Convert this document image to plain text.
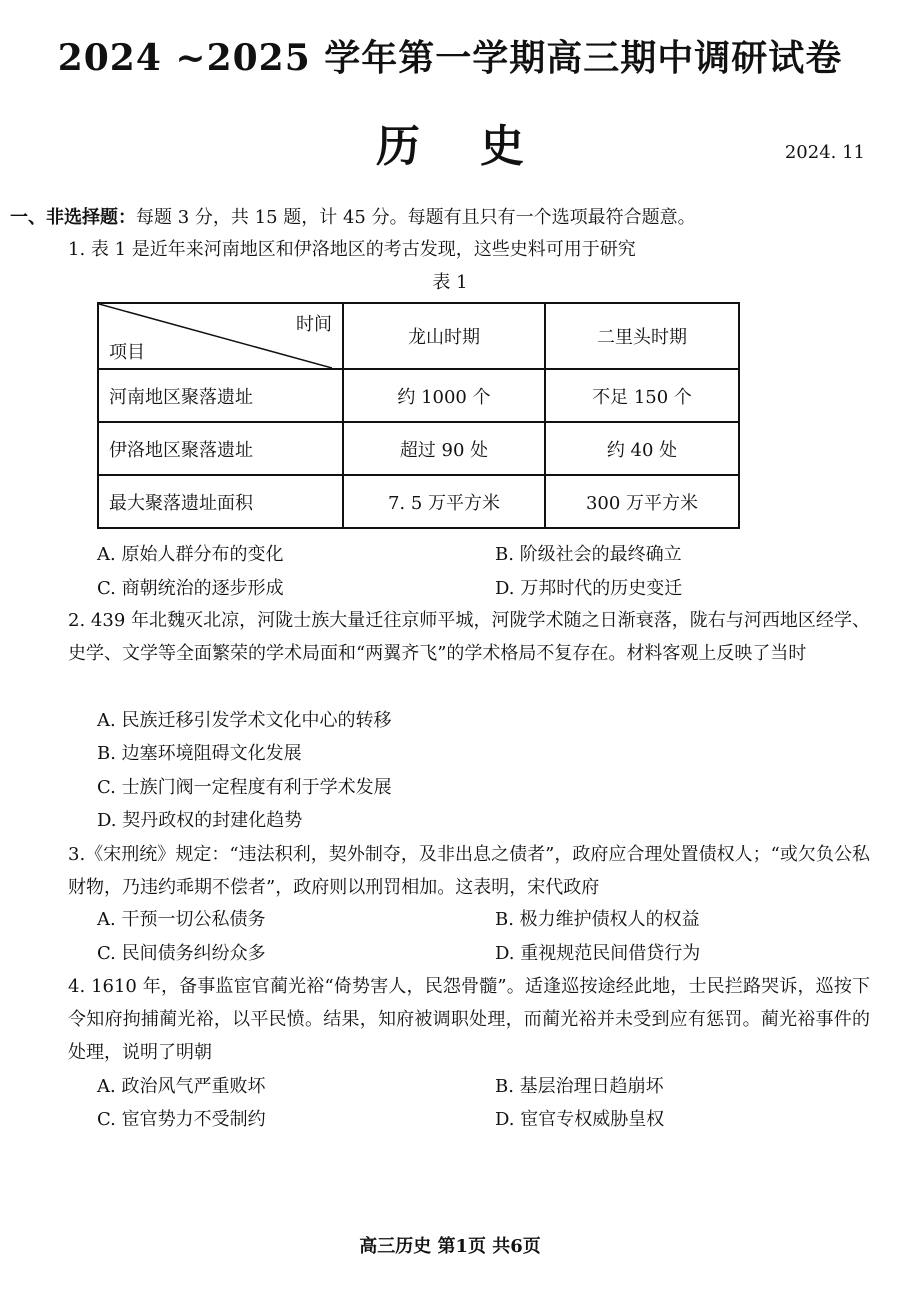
2024 ~2025 学年第一学期高三期中调研试卷
历史	2024. 11
一、非选择题：每题 3 分，共 15 题，计 45 分。每题有且只有一个选项最符合题意。
1. 表 1 是近年来河南地区和伊洛地区的考古发现，这些史料可用于研究
表 1
时间
项目	龙山时期	二里头时期
河南地区聚落遗址	约 1000 个	不足 150 个
伊洛地区聚落遗址	超过 90 处	约 40 处
最大聚落遗址面积	7. 5 万平方米	300 万平方米
A. 原始人群分布的变化	B. 阶级社会的最终确立
C. 商朝统治的逐步形成	D. 万邦时代的历史变迁
2. 439 年北魏灭北凉，河陇士族大量迁往京师平城，河陇学术随之日渐衰落，陇右与河西地区经学、史学、文学等全面繁荣的学术局面和“两翼齐飞”的学术格局不复存在。材料客观上反映了当时
A. 民族迁移引发学术文化中心的转移
B. 边塞环境阻碍文化发展
C. 士族门阀一定程度有利于学术发展
D. 契丹政权的封建化趋势
3.《宋刑统》规定：“违法积利，契外制夺，及非出息之债者”，政府应合理处置债权人；“或欠负公私财物，乃违约乖期不偿者”，政府则以刑罚相加。这表明，宋代政府
A. 干预一切公私债务	B. 极力维护债权人的权益
C. 民间债务纠纷众多	D. 重视规范民间借贷行为
4. 1610 年，备事监宦官蔺光裕“倚势害人，民怨骨髓”。适逢巡按途经此地，士民拦路哭诉，巡按下令知府拘捕蔺光裕，以平民愤。结果，知府被调职处理，而蔺光裕并未受到应有惩罚。蔺光裕事件的处理，说明了明朝
A. 政治风气严重败坏	B. 基层治理日趋崩坏
C. 宦官势力不受制约	D. 宦官专权威胁皇权
高三历史 第1页 共6页
